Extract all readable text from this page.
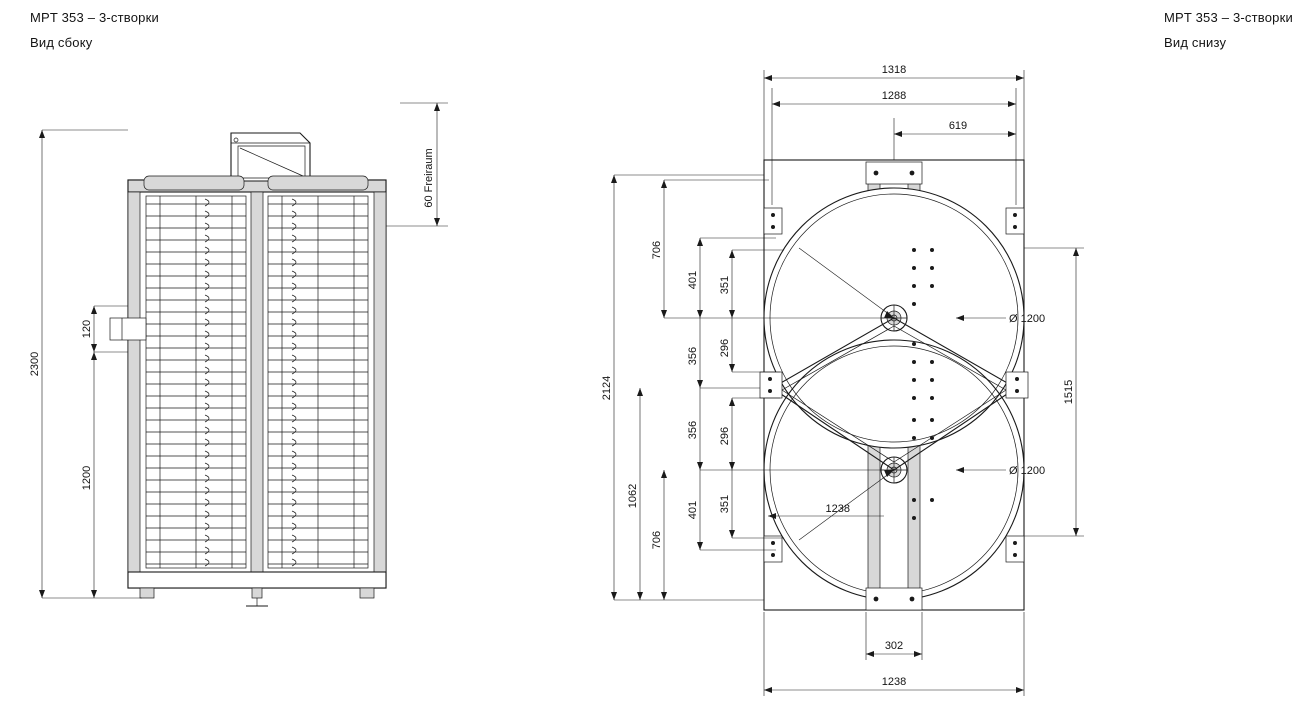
MPT 353 – 3-створки
Вид сбоку
2300
1200
120
60 Freiraum
MPT 353 – 3-створки
Вид снизу
1318
1288
619
2124
706
401 351
296
356
356 296
351
401
706
1062
1515
1238
302
1238
Ø 1200
Ø 1200
